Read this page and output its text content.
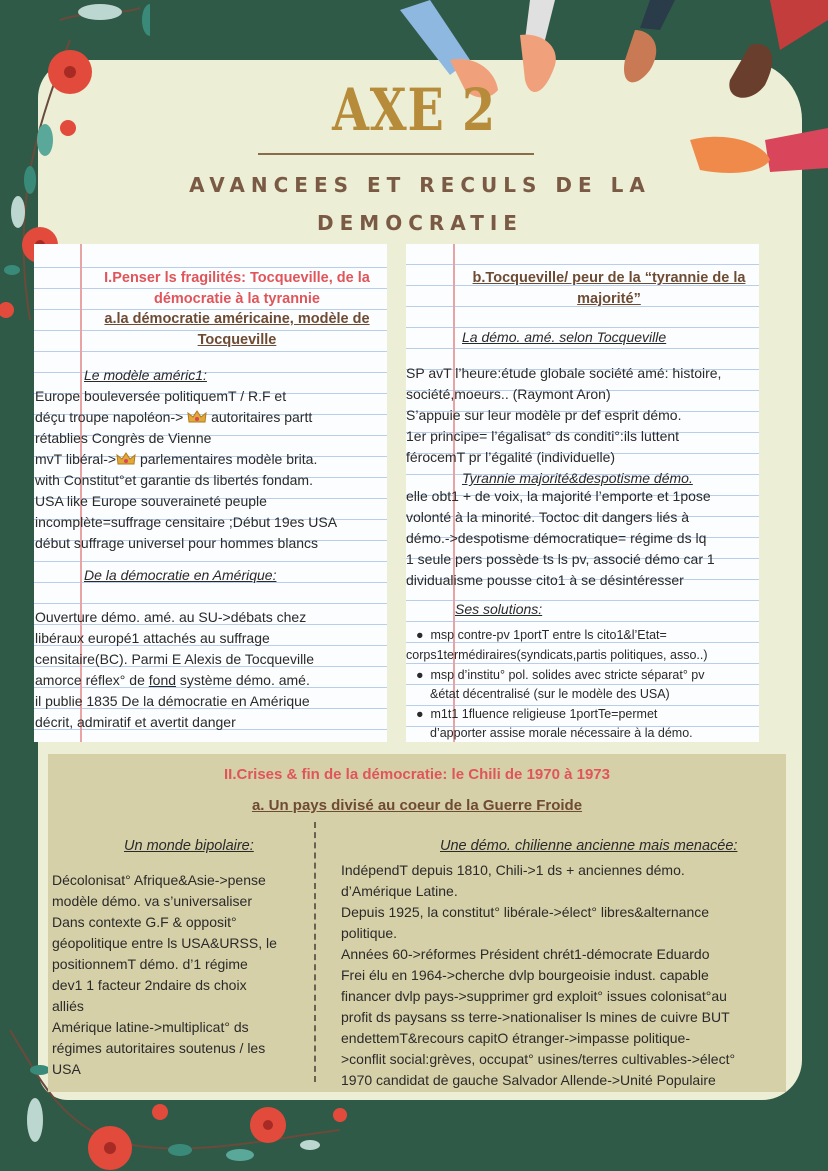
AXE 2
AVANCEES ET RECULS DE LA DEMOCRATIE
I.Penser ls fragilités: Tocqueville, de la démocratie à la tyrannie
a.la démocratie américaine, modèle de Tocqueville
Le modèle améric1:
Europe bouleversée politiquemT / R.F et
déçu troupe napoléon-> autoritaires partt
rétablies Congrès de Vienne
mvT libéral-> parlementaires modèle brita.
with Constitut°et garantie ds libertés fondam.
USA like Europe souveraineté peuple
incomplète=suffrage censitaire ;Début 19es USA
début suffrage universel pour hommes blancs
De la démocratie en Amérique:
Ouverture démo. amé. au SU->débats chez
libéraux europé1 attachés au suffrage
censitaire(BC). Parmi E Alexis de Tocqueville
amorce réflex° de fond système démo. amé.
il publie 1835 De la démocratie en Amérique
décrit, admiratif et avertit danger
b.Tocqueville/ peur de la “tyrannie de la majorité”
La démo. amé. selon Tocqueville
SP avT l’heure:étude globale société amé: histoire,
société,moeurs.. (Raymont Aron)
S’appuie sur leur modèle pr def esprit démo.
1er principe= l’égalisat° ds conditi°:ils luttent
férocemT pr l’égalité (individuelle)
Tyrannie majorité&despotisme démo.
elle obt1 + de voix, la majorité l’emporte et 1pose
volonté à la minorité. Toctoc dit dangers liés à
démo.->despotisme démocratique= régime ds lq
1 seule pers possède ts ls pv, associé démo car 1
dividualisme pousse cito1 à se désintéresser
Ses solutions:
●  msp contre-pv 1portT entre ls cito1&l’Etat=
corps1termédiraires(syndicats,partis politiques, asso..)
●  msp d’institu° pol. solides avec stricte séparat° pv
&état décentralisé (sur le modèle des USA)
●  m1t1 1fluence religieuse 1portTe=permet
d’apporter assise morale nécessaire à la démo.
II.Crises & fin de la démocratie: le Chili de 1970 à 1973
a. Un pays divisé au coeur de la Guerre Froide
Un monde bipolaire:
Décolonisat° Afrique&Asie->pense
modèle démo. va s’universaliser
Dans contexte G.F & opposit°
géopolitique entre ls USA&URSS, le
positionnemT démo. d’1 régime
dev1 1 facteur 2ndaire ds choix
alliés
Amérique latine->multiplicat° ds
régimes autoritaires soutenus / les
USA
Une démo. chilienne ancienne mais menacée:
IndépendT depuis 1810, Chili->1 ds + anciennes démo.
d’Amérique Latine.
Depuis 1925, la constitut° libérale->élect° libres&alternance
politique.
Années 60->réformes Président chrét1-démocrate Eduardo
Frei élu en 1964->cherche dvlp bourgeoisie indust. capable
financer dvlp pays->supprimer grd exploit° issues colonisat°au
profit ds paysans ss terre->nationaliser ls mines de cuivre BUT
endettemT&recours capitO étranger->impasse politique-
>conflit social:grèves, occupat° usines/terres cultivables->élect°
1970 candidat de gauche Salvador Allende->Unité Populaire
